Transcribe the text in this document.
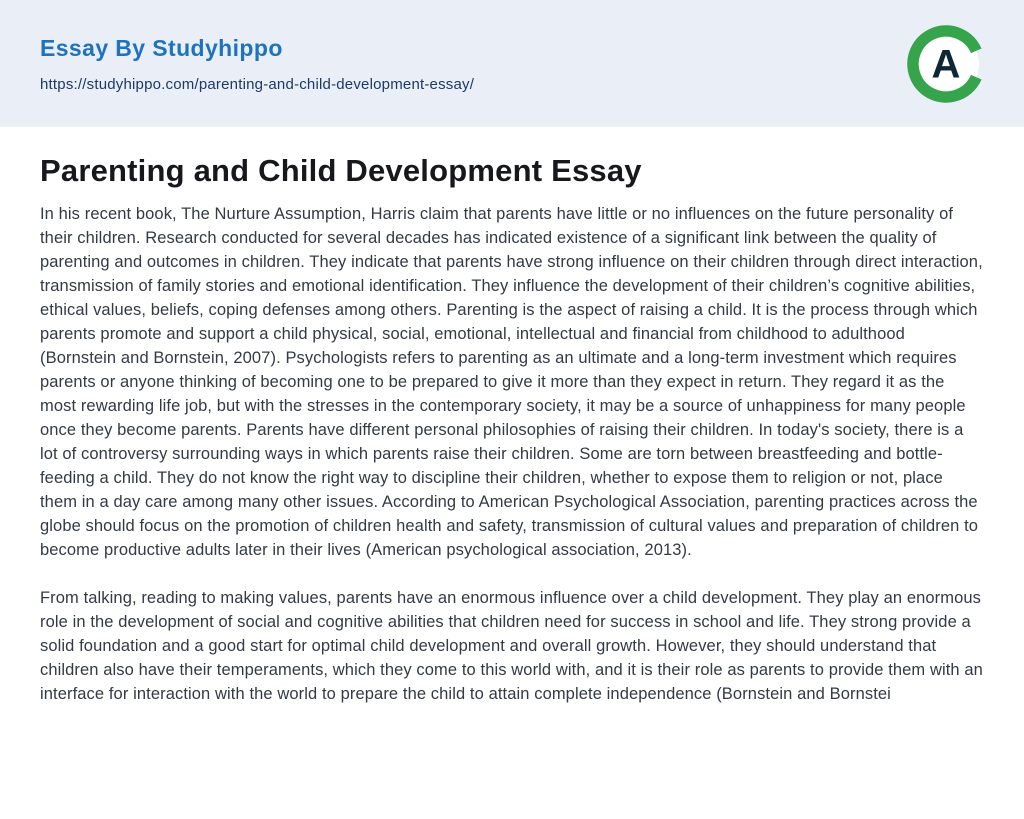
Essay By Studyhippo
https://studyhippo.com/parenting-and-child-development-essay/	A
Parenting and Child Development Essay

In his recent book, The Nurture Assumption, Harris claim that parents have little or no influences on the future personality of their children. Research conducted for several decades has indicated existence of a significant link between the quality of parenting and outcomes in children. They indicate that parents have strong influence on their children through direct interaction, transmission of family stories and emotional identification. They influence the development of their children’s cognitive abilities, ethical values, beliefs, coping defenses among others. Parenting is the aspect of raising a child. It is the process through which parents promote and support a child physical, social, emotional, intellectual and financial from childhood to adulthood (Bornstein and Bornstein, 2007). Psychologists refers to parenting as an ultimate and a long-term investment which requires parents or anyone thinking of becoming one to be prepared to give it more than they expect in return. They regard it as the most rewarding life job, but with the stresses in the contemporary society, it may be a source of unhappiness for many people once they become parents. Parents have different personal philosophies of raising their children. In today's society, there is a lot of controversy surrounding ways in which parents raise their children. Some are torn between breastfeeding and bottle-feeding a child. They do not know the right way to discipline their children, whether to expose them to religion or not, place them in a day care among many other issues. According to American Psychological Association, parenting practices across the globe should focus on the promotion of children health and safety, transmission of cultural values and preparation of children to become productive adults later in their lives (American psychological association, 2013).

From talking, reading to making values, parents have an enormous influence over a child development. They play an enormous role in the development of social and cognitive abilities that children need for success in school and life. They strong provide a solid foundation and a good start for optimal child development and overall growth. However, they should understand that children also have their temperaments, which they come to this world with, and it is their role as parents to provide them with an interface for interaction with the world to prepare the child to attain complete independence (Bornstein and Bornstei
